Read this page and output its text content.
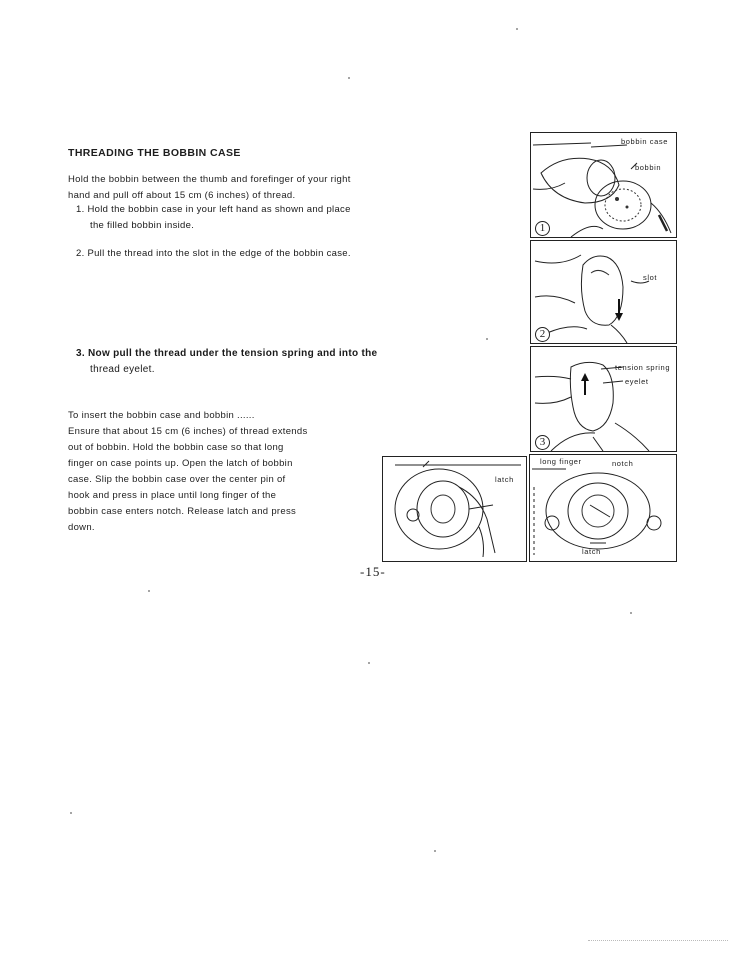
THREADING THE BOBBIN CASE
Hold the bobbin between the thumb and forefinger of your right
hand and pull off about 15 cm (6 inches) of thread.
1. Hold the bobbin case in your left hand as shown and place
the filled bobbin inside.
2. Pull the thread into the slot in the edge of the bobbin case.
3. Now pull the thread under the tension spring and into the
thread eyelet.
To insert the bobbin case and bobbin ......
Ensure that about 15 cm (6 inches) of thread extends
out of bobbin. Hold the bobbin case so that long
finger on case points up. Open the latch of bobbin
case. Slip the bobbin case over the center pin of
hook and press in place until long finger of the
bobbin case enters notch. Release latch and press
down.
-15-
bobbin case
bobbin
1
slot
2
tension spring
eyelet
3
latch
long finger	notch
latch
